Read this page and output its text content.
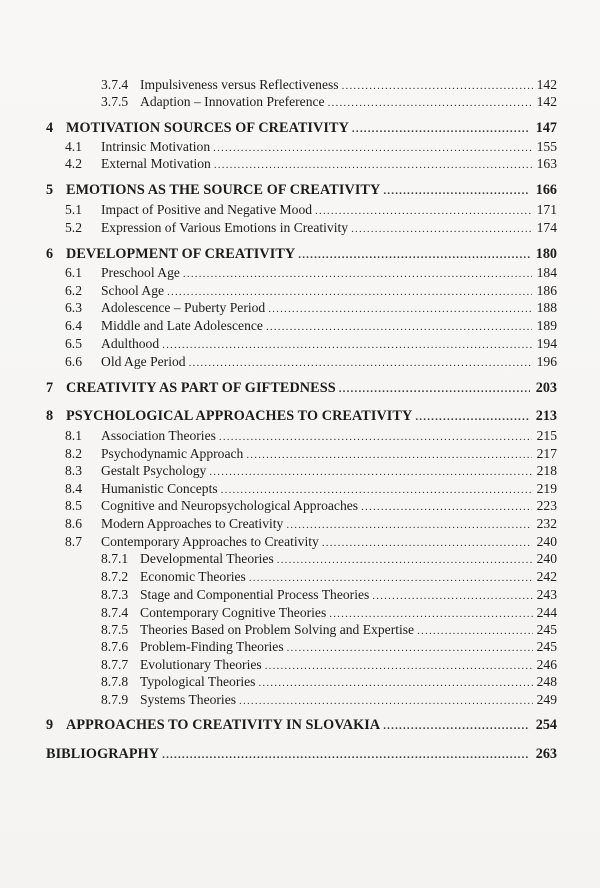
3.7.4 Impulsiveness versus Reflectiveness .....	142
3.7.5 Adaption – Innovation Preference .....	142
4 MOTIVATION SOURCES OF CREATIVITY .....	147
4.1 Intrinsic Motivation .....	155
4.2 External Motivation .....	163
5 EMOTIONS AS THE SOURCE OF CREATIVITY .....	166
5.1 Impact of Positive and Negative Mood .....	171
5.2 Expression of Various Emotions in Creativity .....	174
6 DEVELOPMENT OF CREATIVITY .....	180
6.1 Preschool Age .....	184
6.2 School Age .....	186
6.3 Adolescence – Puberty Period .....	188
6.4 Middle and Late Adolescence .....	189
6.5 Adulthood .....	194
6.6 Old Age Period .....	196
7 CREATIVITY AS PART OF GIFTEDNESS .....	203
8 PSYCHOLOGICAL APPROACHES TO CREATIVITY .....	213
8.1 Association Theories .....	215
8.2 Psychodynamic Approach .....	217
8.3 Gestalt Psychology .....	218
8.4 Humanistic Concepts .....	219
8.5 Cognitive and Neuropsychological Approaches .....	223
8.6 Modern Approaches to Creativity .....	232
8.7 Contemporary Approaches to Creativity .....	240
8.7.1 Developmental Theories .....	240
8.7.2 Economic Theories .....	242
8.7.3 Stage and Componential Process Theories .....	243
8.7.4 Contemporary Cognitive Theories .....	244
8.7.5 Theories Based on Problem Solving and Expertise .....	245
8.7.6 Problem-Finding Theories .....	245
8.7.7 Evolutionary Theories .....	246
8.7.8 Typological Theories .....	248
8.7.9 Systems Theories .....	249
9 APPROACHES TO CREATIVITY IN SLOVAKIA .....	254
BIBLIOGRAPHY .....	263
